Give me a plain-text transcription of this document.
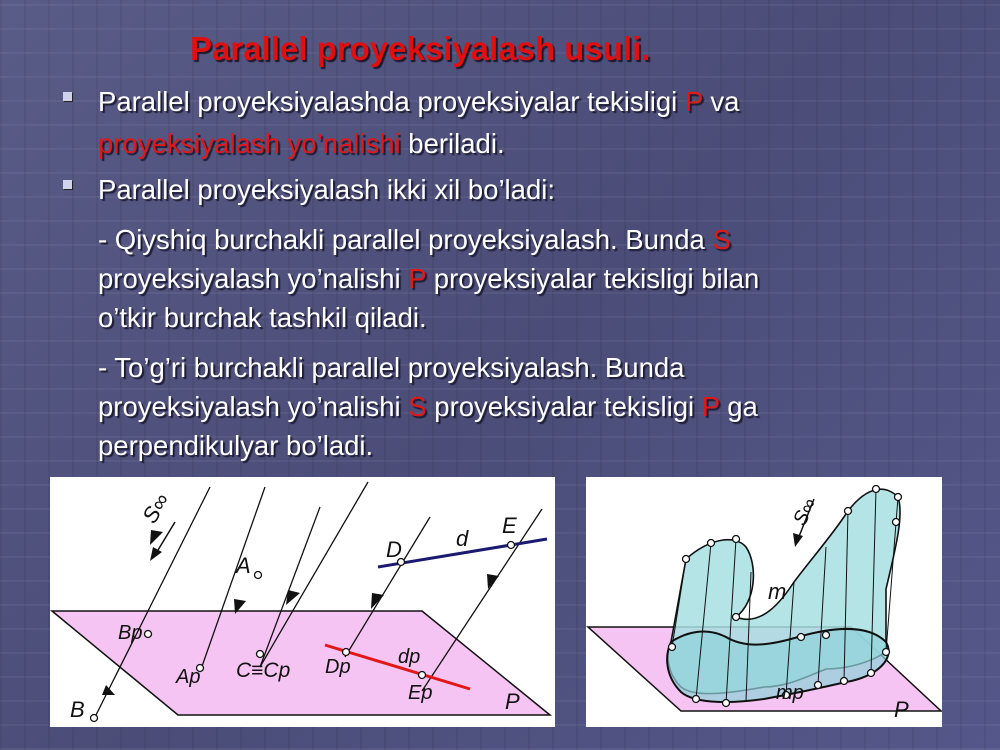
Parallel proyeksiyalash usuli.
Parallel proyeksiyalashda proyeksiyalar tekisligi P va
proyeksiyalash yo’nalishi beriladi.
Parallel proyeksiyalash ikki xil bo’ladi:
- Qiyshiq burchakli parallel proyeksiyalash. Bunda S
proyeksiyalash yo’nalishi P proyeksiyalar tekisligi bilan
o’tkir burchak tashkil qiladi.
- To’g’ri burchakli parallel proyeksiyalash. Bunda
proyeksiyalash yo’nalishi S proyeksiyalar tekisligi P ga
perpendikulyar bo’ladi.
S∞
A
Bp
B
Ap C≡Cp
D d
E
Dp dp
Ep	P
S∞
m
mp
P
